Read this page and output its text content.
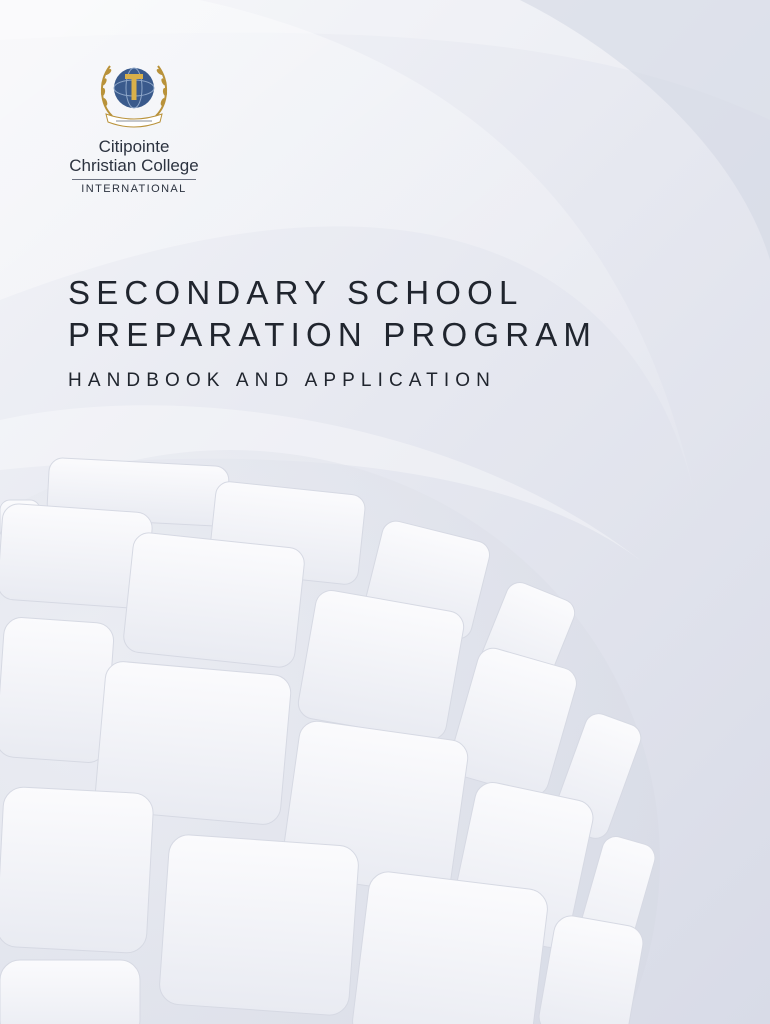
Citipointe
Christian College
INTERNATIONAL
SECONDARY SCHOOL
PREPARATION PROGRAM
HANDBOOK AND APPLICATION
